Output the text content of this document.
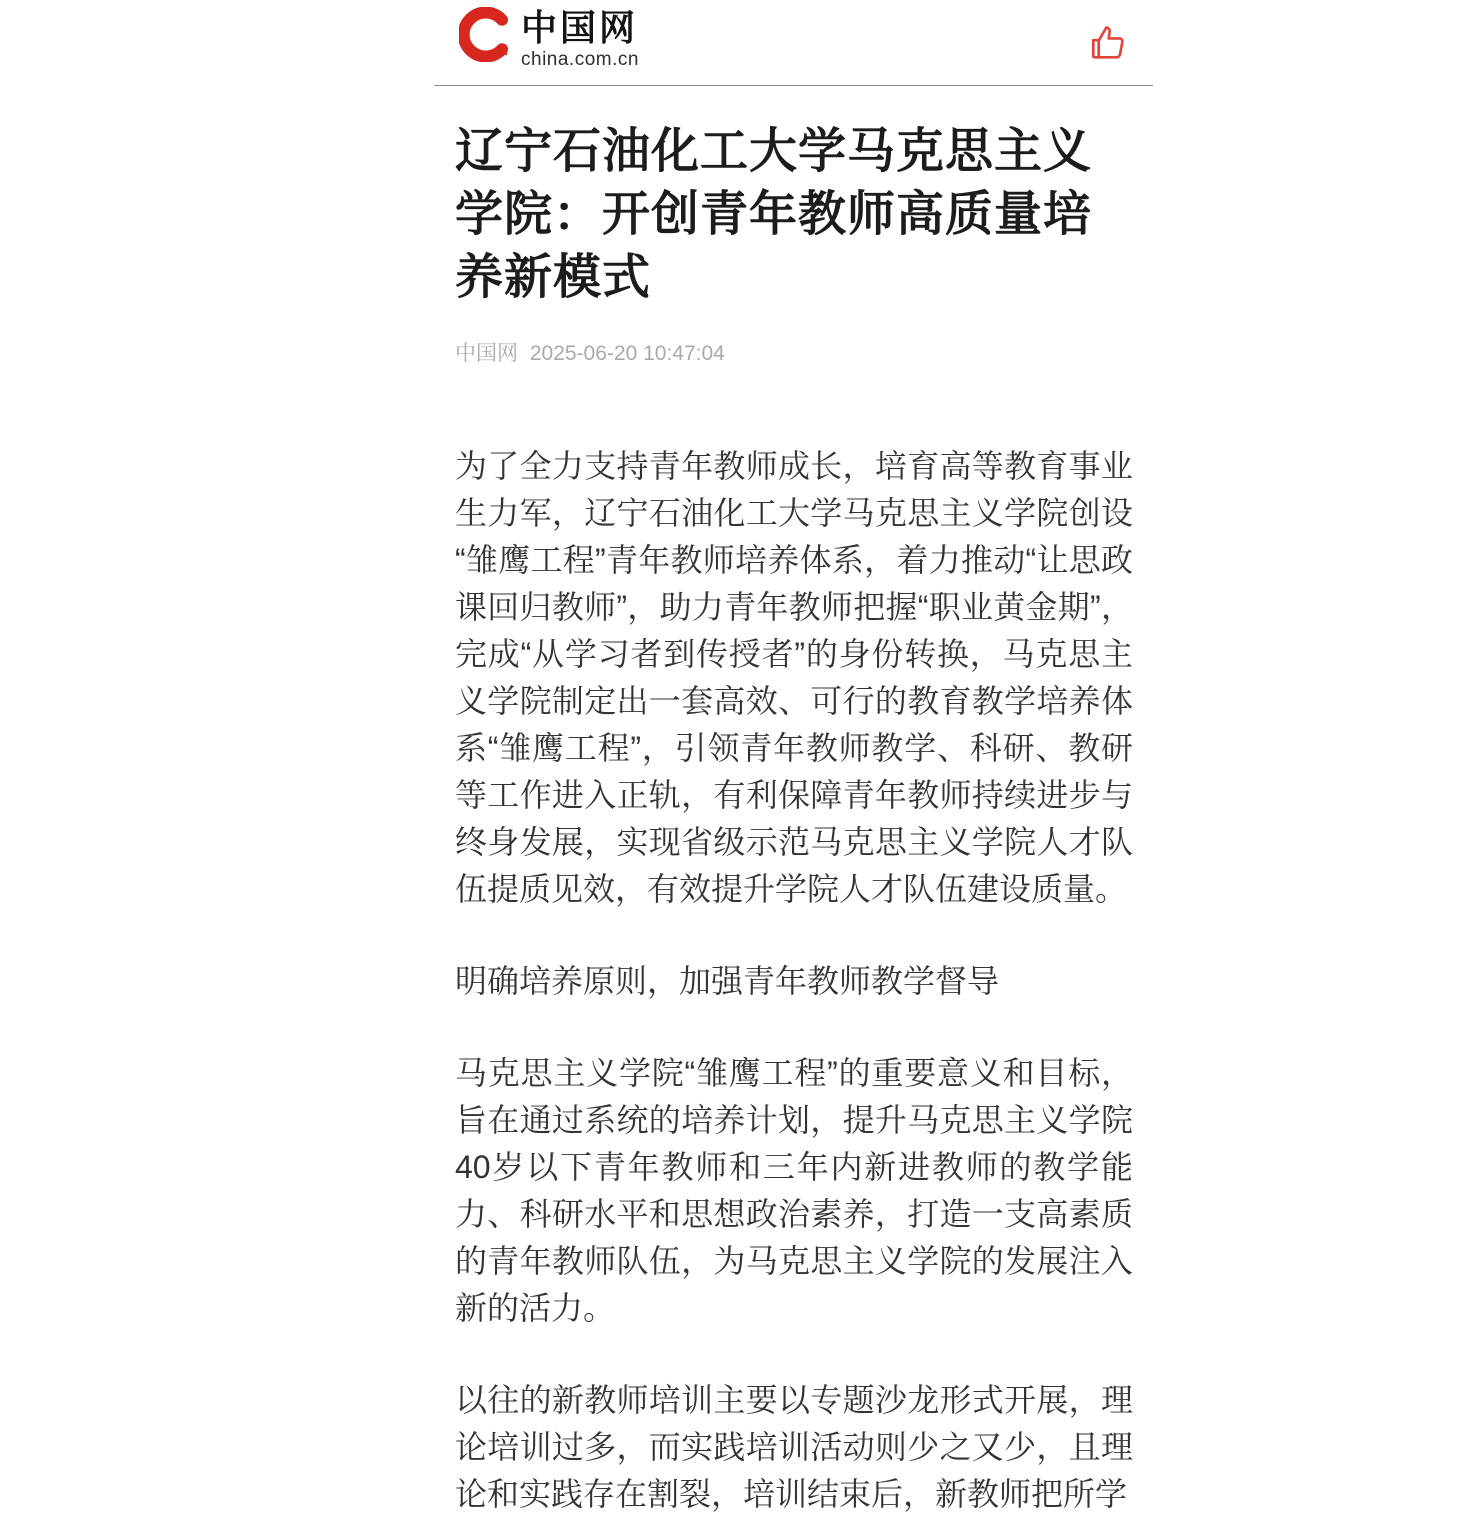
中国网
china.com.cn
辽宁石油化工大学马克思主义学院：开创青年教师高质量培养新模式
中国网 2025-06-20 10:47:04

为了全力支持青年教师成长，培育高等教育事业生力军，辽宁石油化工大学马克思主义学院创设“雏鹰工程”青年教师培养体系，着力推动“让思政课回归教师”，助力青年教师把握“职业黄金期”，完成“从学习者到传授者”的身份转换，马克思主义学院制定出一套高效、可行的教育教学培养体系“雏鹰工程”，引领青年教师教学、科研、教研等工作进入正轨，有利保障青年教师持续进步与终身发展，实现省级示范马克思主义学院人才队伍提质见效，有效提升学院人才队伍建设质量。

明确培养原则，加强青年教师教学督导

马克思主义学院“雏鹰工程”的重要意义和目标，旨在通过系统的培养计划，提升马克思主义学院40岁以下青年教师和三年内新进教师的教学能力、科研水平和思想政治素养，打造一支高素质的青年教师队伍，为马克思主义学院的发展注入新的活力。

以往的新教师培训主要以专题沙龙形式开展，理论培训过多，而实践培训活动则少之又少，且理论和实践存在割裂，培训结束后，新教师把所学
